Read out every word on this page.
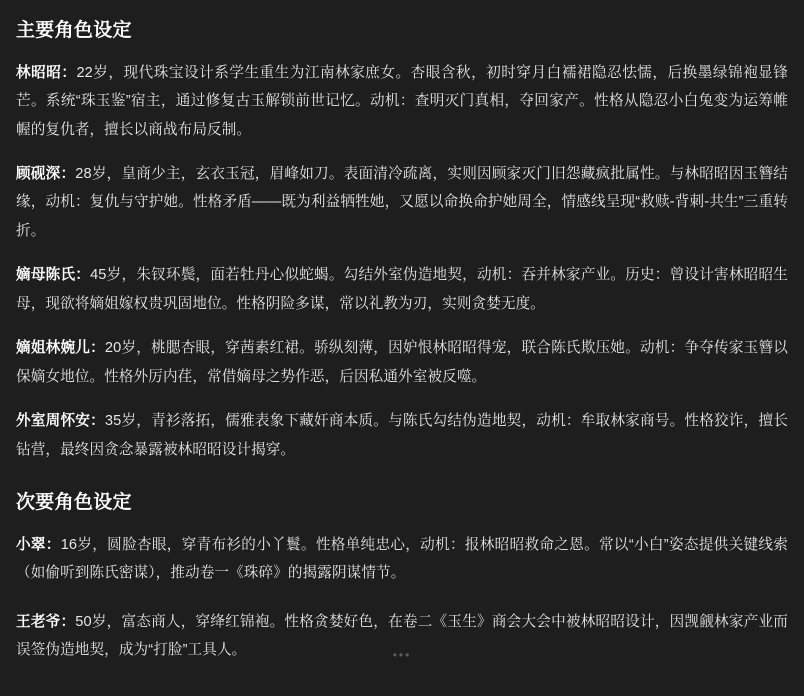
主要角色设定

林昭昭：22岁，现代珠宝设计系学生重生为江南林家庶女。杏眼含秋，初时穿月白襦裙隐忍怯懦，后换墨绿锦袍显锋芒。系统“珠玉鉴”宿主，通过修复古玉解锁前世记忆。动机：查明灭门真相，夺回家产。性格从隐忍小白兔变为运筹帷幄的复仇者，擅长以商战布局反制。

顾砚深：28岁，皇商少主，玄衣玉冠，眉峰如刀。表面清冷疏离，实则因顾家灭门旧怨藏疯批属性。与林昭昭因玉簪结缘，动机：复仇与守护她。性格矛盾——既为利益牺牲她，又愿以命换命护她周全，情感线呈现“救赎-背刺-共生”三重转折。

嫡母陈氏：45岁，朱钗环鬓，面若牡丹心似蛇蝎。勾结外室伪造地契，动机：吞并林家产业。历史：曾设计害林昭昭生母，现欲将嫡姐嫁权贵巩固地位。性格阴险多谋，常以礼教为刃，实则贪婪无度。

嫡姐林婉儿：20岁，桃腮杏眼，穿茜素红裙。骄纵刻薄，因妒恨林昭昭得宠，联合陈氏欺压她。动机：争夺传家玉簪以保嫡女地位。性格外厉内荏，常借嫡母之势作恶，后因私通外室被反噬。

外室周怀安：35岁，青衫落拓，儒雅表象下藏奸商本质。与陈氏勾结伪造地契，动机：牟取林家商号。性格狡诈，擅长钻营，最终因贪念暴露被林昭昭设计揭穿。

次要角色设定

小翠：16岁，圆脸杏眼，穿青布衫的小丫鬟。性格单纯忠心，动机：报林昭昭救命之恩。常以“小白”姿态提供关键线索（如偷听到陈氏密谋），推动卷一《珠碎》的揭露阴谋情节。

王老爷：50岁，富态商人，穿绛红锦袍。性格贪婪好色，在卷二《玉生》商会大会中被林昭昭设计，因觊觎林家产业而误签伪造地契，成为“打脸”工具人。	•••
